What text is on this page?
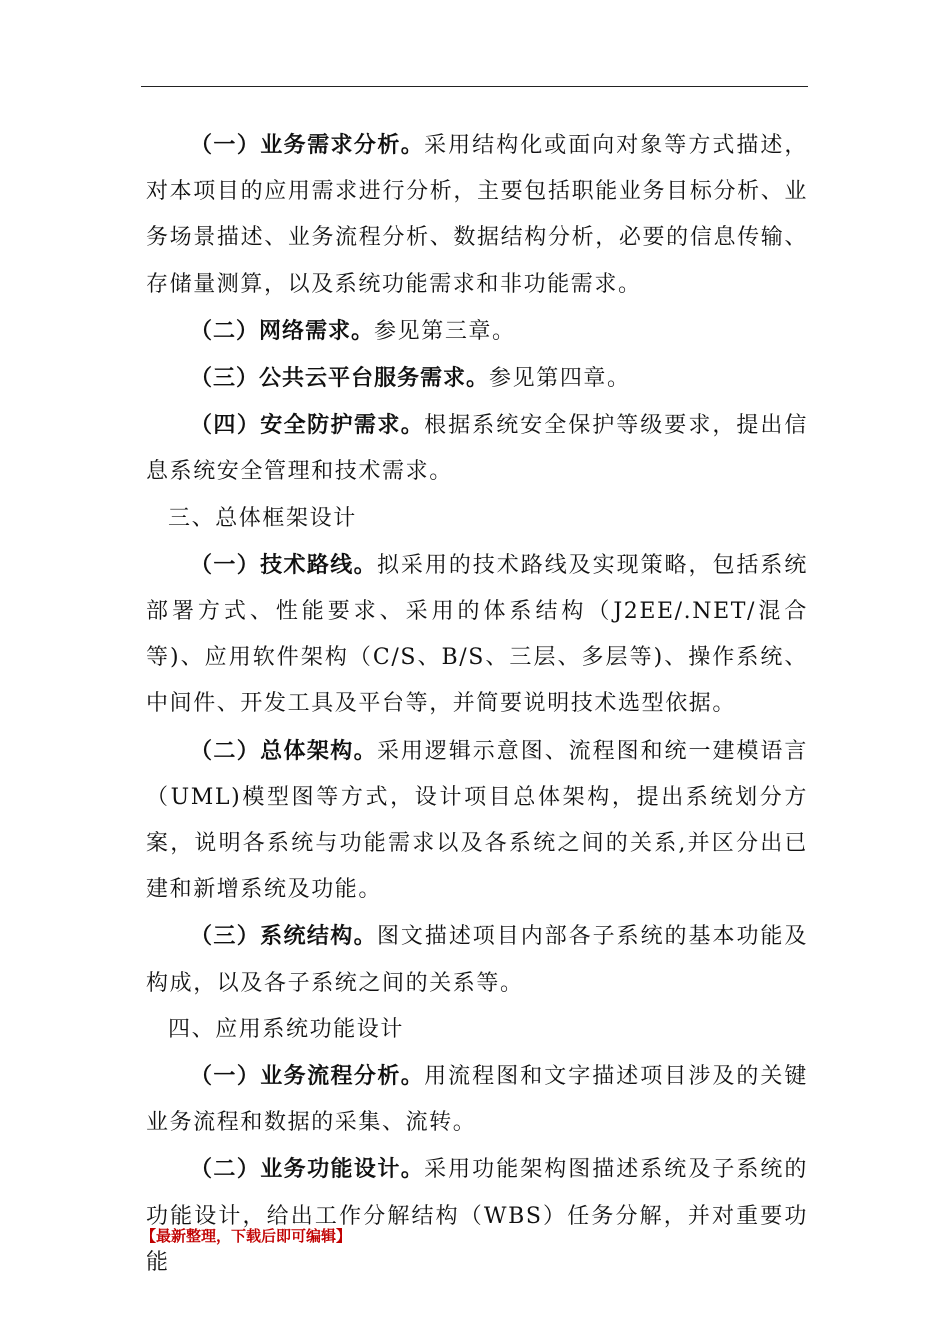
（一）业务需求分析。采用结构化或面向对象等方式描述，对本项目的应用需求进行分析，主要包括职能业务目标分析、业务场景描述、业务流程分析、数据结构分析，必要的信息传输、存储量测算，以及系统功能需求和非功能需求。

（二）网络需求。参见第三章。

（三）公共云平台服务需求。参见第四章。

（四）安全防护需求。根据系统安全保护等级要求，提出信息系统安全管理和技术需求。

三、总体框架设计

（一）技术路线。拟采用的技术路线及实现策略，包括系统部署方式、性能要求、采用的体系结构（J2EE/.NET/混合等)、应用软件架构（C/S、B/S、三层、多层等)、操作系统、中间件、开发工具及平台等，并简要说明技术选型依据。

（二）总体架构。采用逻辑示意图、流程图和统一建模语言（UML)模型图等方式，设计项目总体架构，提出系统划分方案，说明各系统与功能需求以及各系统之间的关系,并区分出已建和新增系统及功能。

（三）系统结构。图文描述项目内部各子系统的基本功能及构成，以及各子系统之间的关系等。

四、应用系统功能设计

（一）业务流程分析。用流程图和文字描述项目涉及的关键业务流程和数据的采集、流转。

（二）业务功能设计。采用功能架构图描述系统及子系统的功能设计，给出工作分解结构（WBS）任务分解，并对重要功能

【最新整理，下载后即可编辑】
